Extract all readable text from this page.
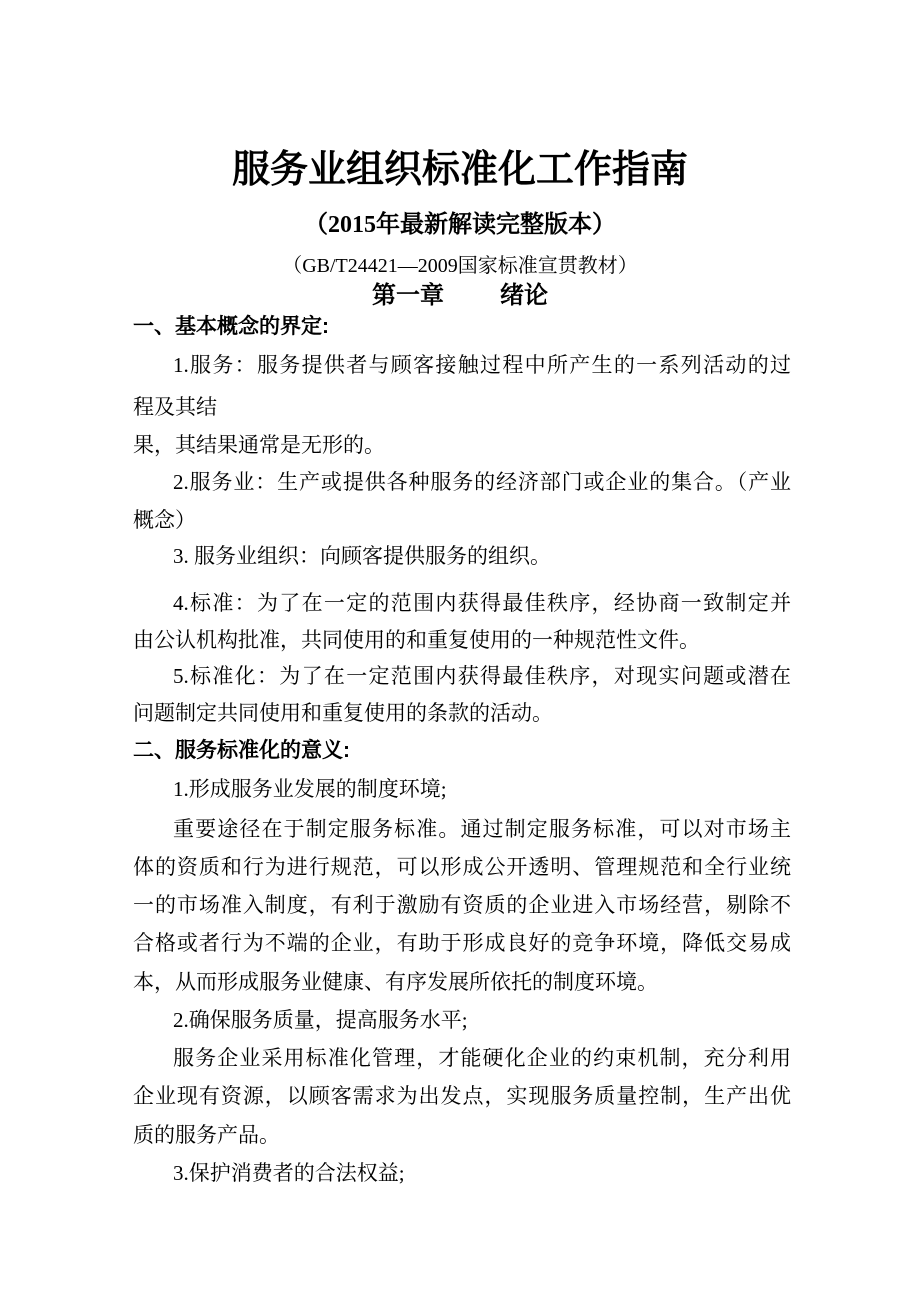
服务业组织标准化工作指南
（2015年最新解读完整版本）
（GB/T24421—2009国家标准宣贯教材）
第一章 绪论
一、基本概念的界定:
1.服务：服务提供者与顾客接触过程中所产生的一系列活动的过
程及其结
果，其结果通常是无形的。
2.服务业：生产或提供各种服务的经济部门或企业的集合。（产业
概念）
3. 服务业组织：向顾客提供服务的组织。
4.标准：为了在一定的范围内获得最佳秩序，经协商一致制定并
由公认机构批准，共同使用的和重复使用的一种规范性文件。
5.标准化：为了在一定范围内获得最佳秩序，对现实问题或潜在
问题制定共同使用和重复使用的条款的活动。
二、服务标准化的意义:
1.形成服务业发展的制度环境;
重要途径在于制定服务标准。通过制定服务标准，可以对市场主
体的资质和行为进行规范，可以形成公开透明、管理规范和全行业统
一的市场准入制度，有利于激励有资质的企业进入市场经营，剔除不
合格或者行为不端的企业，有助于形成良好的竞争环境，降低交易成
本，从而形成服务业健康、有序发展所依托的制度环境。
2.确保服务质量，提高服务水平;
服务企业采用标准化管理，才能硬化企业的约束机制，充分利用
企业现有资源，以顾客需求为出发点，实现服务质量控制，生产出优
质的服务产品。
3.保护消费者的合法权益;
